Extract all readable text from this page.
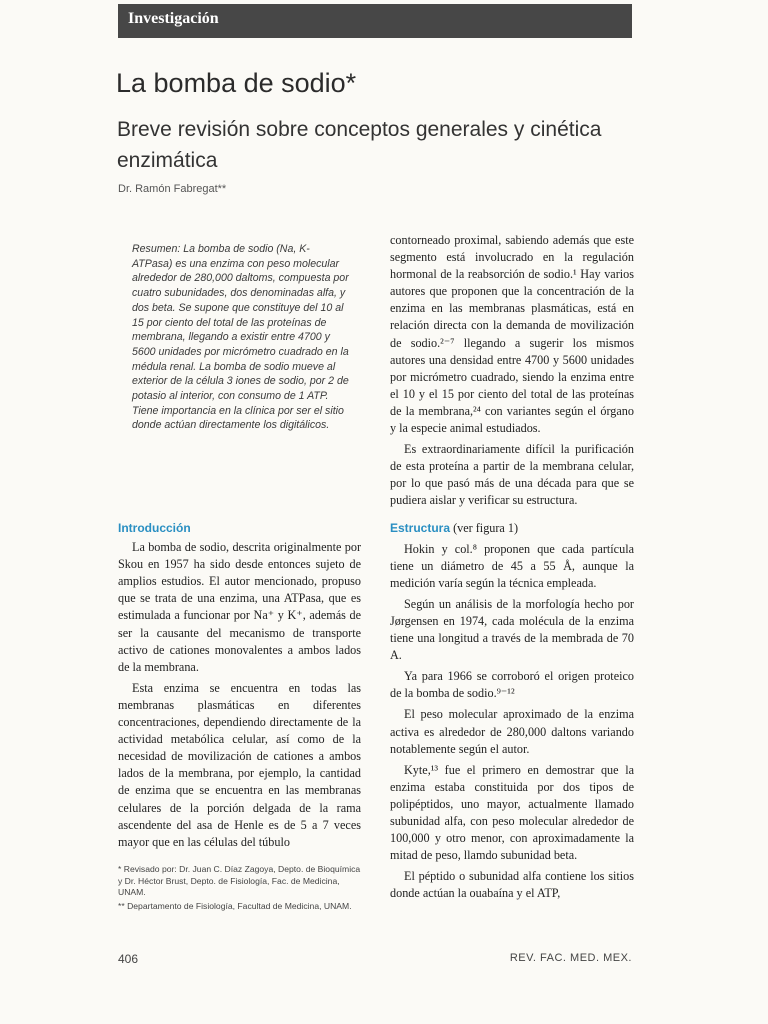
Investigación
La bomba de sodio*
Breve revisión sobre conceptos generales y cinética enzimática
Dr. Ramón Fabregat**
Resumen: La bomba de sodio (Na, K-ATPasa) es una enzima con peso molecular alrededor de 280,000 daltoms, compuesta por cuatro subunidades, dos denominadas alfa, y dos beta. Se supone que constituye del 10 al 15 por ciento del total de las proteínas de membrana, llegando a existir entre 4700 y 5600 unidades por micrómetro cuadrado en la médula renal. La bomba de sodio mueve al exterior de la célula 3 iones de sodio, por 2 de potasio al interior, con consumo de 1 ATP. Tiene importancia en la clínica por ser el sitio donde actúan directamente los digitálicos.
Introducción

La bomba de sodio, descrita originalmente por Skou en 1957 ha sido desde entonces sujeto de amplios estudios. El autor mencionado, propuso que se trata de una enzima, una ATPasa, que es estimulada a funcionar por Na⁺ y K⁺, además de ser la causante del mecanismo de transporte activo de cationes monovalentes a ambos lados de la membrana.

Esta enzima se encuentra en todas las membranas plasmáticas en diferentes concentraciones, dependiendo directamente de la actividad metabólica celular, así como de la necesidad de movilización de cationes a ambos lados de la membrana, por ejemplo, la cantidad de enzima que se encuentra en las membranas celulares de la porción delgada de la rama ascendente del asa de Henle es de 5 a 7 veces mayor que en las células del túbulo

* Revisado por: Dr. Juan C. Díaz Zagoya, Depto. de Bioquímica y Dr. Héctor Brust, Depto. de Fisiología, Fac. de Medicina, UNAM.

** Departamento de Fisiología, Facultad de Medicina, UNAM.

contorneado proximal, sabiendo además que este segmento está involucrado en la regulación hormonal de la reabsorción de sodio.¹ Hay varios autores que proponen que la concentración de la enzima en las membranas plasmáticas, está en relación directa con la demanda de movilización de sodio.²⁻⁷ llegando a sugerir los mismos autores una densidad entre 4700 y 5600 unidades por micrómetro cuadrado, siendo la enzima entre el 10 y el 15 por ciento del total de las proteínas de la membrana,²⁴ con variantes según el órgano y la especie animal estudiados.

Es extraordinariamente difícil la purificación de esta proteína a partir de la membrana celular, por lo que pasó más de una década para que se pudiera aislar y verificar su estructura.

Estructura (ver figura 1)

Hokin y col.⁸ proponen que cada partícula tiene un diámetro de 45 a 55 Å, aunque la medición varía según la técnica empleada.

Según un análisis de la morfología hecho por Jørgensen en 1974, cada molécula de la enzima tiene una longitud a través de la membrada de 70 A.

Ya para 1966 se corroboró el origen proteico de la bomba de sodio.⁹⁻¹²

El peso molecular aproximado de la enzima activa es alrededor de 280,000 daltons variando notablemente según el autor.

Kyte,¹³ fue el primero en demostrar que la enzima estaba constituida por dos tipos de polipéptidos, uno mayor, actualmente llamado subunidad alfa, con peso molecular alrededor de 100,000 y otro menor, con aproximadamente la mitad de peso, llamdo subunidad beta.

El péptido o subunidad alfa contiene los sitios donde actúan la ouabaína y el ATP,

406	REV. FAC. MED. MEX.
